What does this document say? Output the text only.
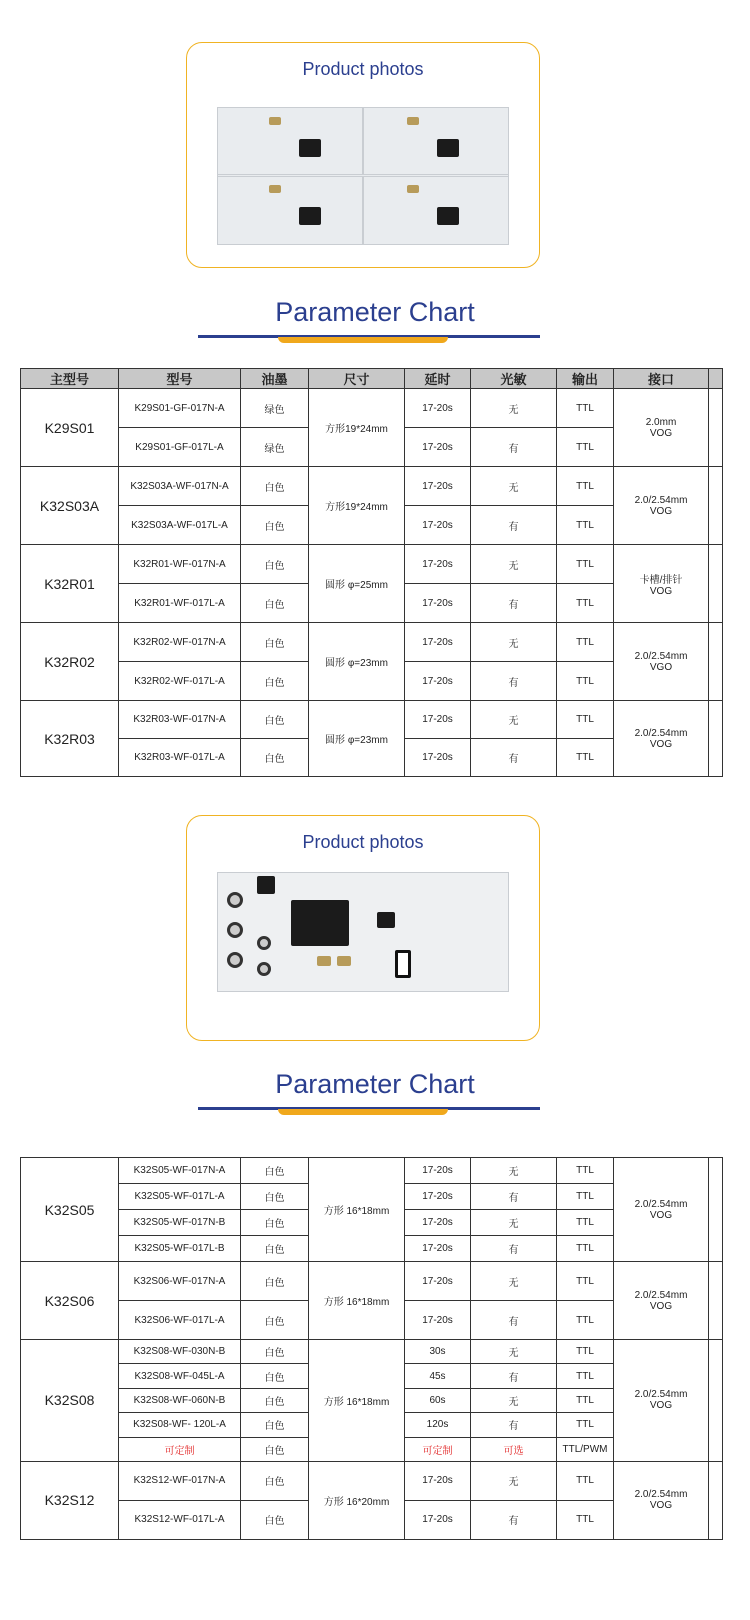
Product photos
Parameter Chart
主型号	型号	油墨	尺寸	延时	光敏	输出	接口	
K29S01	K29S01-GF-017N-A	绿色	方形19*24mm	17-20s	无	TTL	2.0mm
VOG	
	K29S01-GF-017L-A	绿色		17-20s	有	TTL		
K32S03A	K32S03A-WF-017N-A	白色	方形19*24mm	17-20s	无	TTL	2.0/2.54mm
VOG	
	K32S03A-WF-017L-A	白色		17-20s	有	TTL		
K32R01	K32R01-WF-017N-A	白色	圆形 φ=25mm	17-20s	无	TTL	卡槽/排针
VOG	
	K32R01-WF-017L-A	白色		17-20s	有	TTL		
K32R02	K32R02-WF-017N-A	白色	圆形 φ=23mm	17-20s	无	TTL	2.0/2.54mm
VGO	
	K32R02-WF-017L-A	白色		17-20s	有	TTL		
K32R03	K32R03-WF-017N-A	白色	圆形 φ=23mm	17-20s	无	TTL	2.0/2.54mm
VOG	
	K32R03-WF-017L-A	白色		17-20s	有	TTL		
Product photos
Parameter Chart
K32S05	K32S05-WF-017N-A	白色	方形 16*18mm	17-20s	无	TTL	2.0/2.54mm
VOG	
	K32S05-WF-017L-A	白色		17-20s	有	TTL		
	K32S05-WF-017N-B	白色		17-20s	无	TTL		
	K32S05-WF-017L-B	白色		17-20s	有	TTL		
K32S06	K32S06-WF-017N-A	白色	方形 16*18mm	17-20s	无	TTL	2.0/2.54mm
VOG	
	K32S06-WF-017L-A	白色		17-20s	有	TTL		
K32S08	K32S08-WF-030N-B	白色	方形 16*18mm	30s	无	TTL	2.0/2.54mm
VOG	
	K32S08-WF-045L-A	白色		45s	有	TTL		
	K32S08-WF-060N-B	白色		60s	无	TTL		
	K32S08-WF- 120L-A	白色		120s	有	TTL		
	可定制	白色		可定制	可选	TTL/PWM		
K32S12	K32S12-WF-017N-A	白色	方形 16*20mm	17-20s	无	TTL	2.0/2.54mm
VOG	
	K32S12-WF-017L-A	白色		17-20s	有	TTL		
